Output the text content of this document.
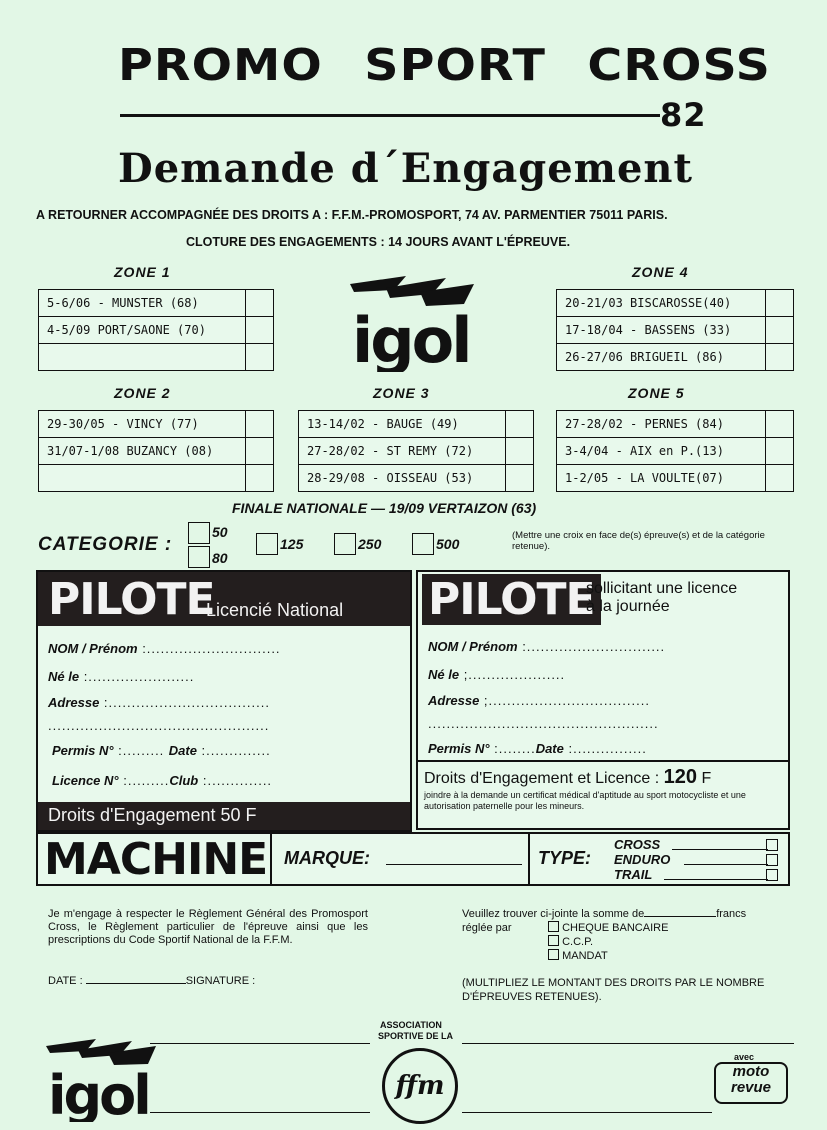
PROMO SPORT CROSS
82
Demande d´Engagement
A RETOURNER ACCOMPAGNÉE DES DROITS A : F.F.M.-PROMOSPORT, 74 AV. PARMENTIER 75011 PARIS.
CLOTURE DES ENGAGEMENTS : 14 JOURS AVANT L'ÉPREUVE.
igol
ZONE 1
5-6/06 - MUNSTER (68)
4-5/09 PORT/SAONE (70)
ZONE 4
20-21/03 BISCAROSSE(40)
17-18/04 - BASSENS (33)
26-27/06 BRIGUEIL (86)
ZONE 2
29-30/05 - VINCY (77)
31/07-1/08 BUZANCY (08)
ZONE 3
13-14/02 - BAUGE (49)
27-28/02 - ST REMY (72)
28-29/08 - OISSEAU (53)
ZONE 5
27-28/02 - PERNES (84)
3-4/04 - AIX en P.(13)
1-2/05 - LA VOULTE(07)
FINALE NATIONALE — 19/09 VERTAIZON (63)
CATEGORIE :
50
80
125	250	500
(Mettre une croix en face de(s) épreuve(s) et de la catégorie retenue).
PILOTE
Licencié National
NOM / Prénom :.............................
Né le :.......................
Adresse :...................................
................................................
Permis N° :......... Date :..............
Licence N° :.........Club :..............
Droits d'Engagement 50 F
PILOTE
sollicitant une licence
à la journée
NOM / Prénom :..............................
Né le ;.....................
Adresse ;...................................
..................................................
Permis N° :........Date :................
Droits d'Engagement et Licence : 120 F
joindre à la demande un certificat médical d'aptitude au sport motocycliste et une autorisation paternelle pour les mineurs.
MACHINE MARQUE:	TYPE:
CROSS
ENDURO
TRAIL
Je m'engage à respecter le Règlement Général des Promosport Cross, le Règlement particulier de l'épreuve ainsi que les prescriptions du Code Sportif National de la F.F.M.
DATE :	SIGNATURE :
Veuillez trouver ci-jointe la somme de	francs
réglée par	CHEQUE BANCAIRE
C.C.P.
MANDAT
(MULTIPLIEZ LE MONTANT DES DROITS PAR LE NOMBRE D'ÉPREUVES RETENUES).
igol
ASSOCIATION
SPORTIVE DE LA
ffm
avec
moto
revue
